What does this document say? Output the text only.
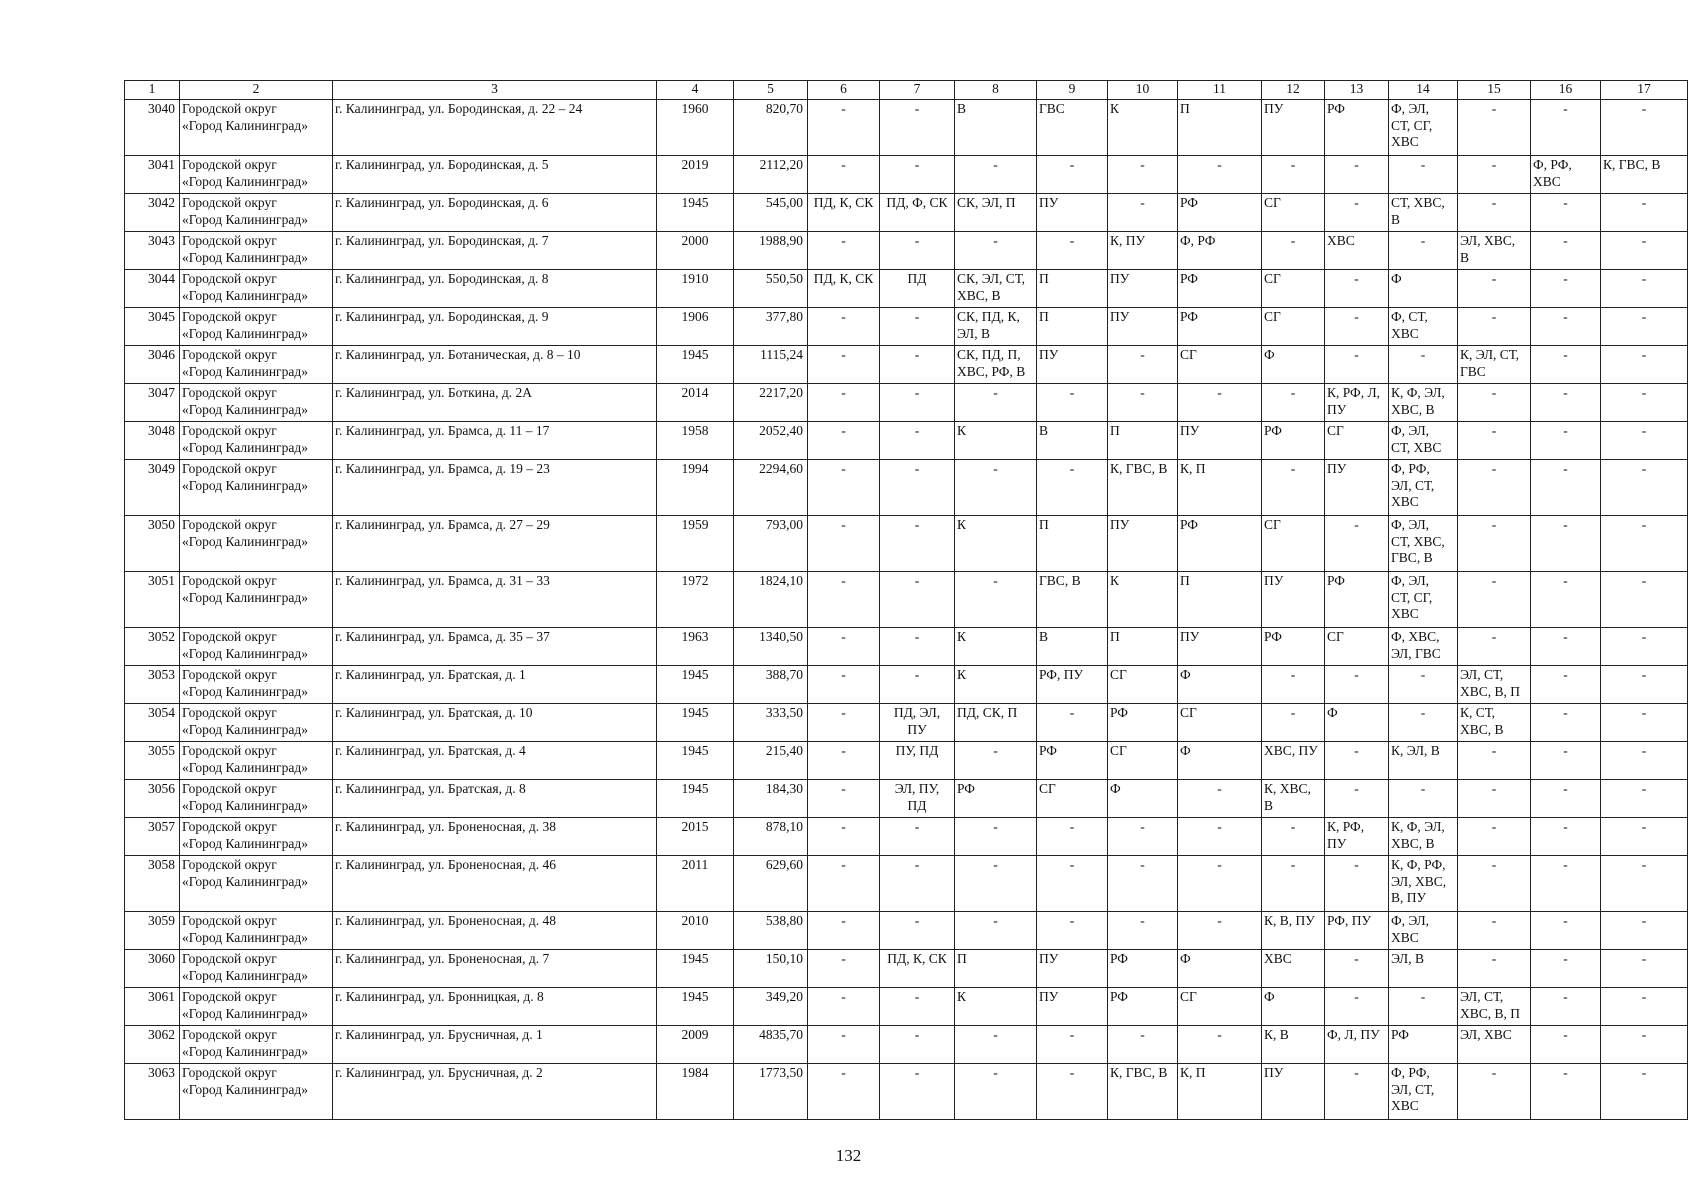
1	2	3	4	5	6	7	8	9	10	11	12	13	14	15	16	17
3040	Городской округ
«Город Калининград»	г. Калининград, ул. Бородинская, д. 22 – 24	1960	820,70	-	-	В	ГВС	К	П	ПУ	РФ	Ф, ЭЛ,
СТ, СГ,
ХВС	-	-	-
3041	Городской округ
«Город Калининград»	г. Калининград, ул. Бородинская, д. 5	2019	2112,20	-	-	-	-	-	-	-	-	-	-	Ф, РФ,
ХВС	К, ГВС, В
3042	Городской округ
«Город Калининград»	г. Калининград, ул. Бородинская, д. 6	1945	545,00	ПД, К, СК	ПД, Ф, СК	СК, ЭЛ, П	ПУ	-	РФ	СГ	-	СТ, ХВС,
В	-	-	-
3043	Городской округ
«Город Калининград»	г. Калининград, ул. Бородинская, д. 7	2000	1988,90	-	-	-	-	К, ПУ	Ф, РФ	-	ХВС	-	ЭЛ, ХВС,
В	-	-
3044	Городской округ
«Город Калининград»	г. Калининград, ул. Бородинская, д. 8	1910	550,50	ПД, К, СК	ПД	СК, ЭЛ, СТ,
ХВС, В	П	ПУ	РФ	СГ	-	Ф	-	-	-
3045	Городской округ
«Город Калининград»	г. Калининград, ул. Бородинская, д. 9	1906	377,80	-	-	СК, ПД, К,
ЭЛ, В	П	ПУ	РФ	СГ	-	Ф, СТ,
ХВС	-	-	-
3046	Городской округ
«Город Калининград»	г. Калининград, ул. Ботаническая, д. 8 – 10	1945	1115,24	-	-	СК, ПД, П,
ХВС, РФ, В	ПУ	-	СГ	Ф	-	-	К, ЭЛ, СТ,
ГВС	-	-
3047	Городской округ
«Город Калининград»	г. Калининград, ул. Боткина, д. 2А	2014	2217,20	-	-	-	-	-	-	-	К, РФ, Л,
ПУ	К, Ф, ЭЛ,
ХВС, В	-	-	-
3048	Городской округ
«Город Калининград»	г. Калининград, ул. Брамса, д. 11 – 17	1958	2052,40	-	-	К	В	П	ПУ	РФ	СГ	Ф, ЭЛ,
СТ, ХВС	-	-	-
3049	Городской округ
«Город Калининград»	г. Калининград, ул. Брамса, д. 19 – 23	1994	2294,60	-	-	-	-	К, ГВС, В	К, П	-	ПУ	Ф, РФ,
ЭЛ, СТ,
ХВС	-	-	-
3050	Городской округ
«Город Калининград»	г. Калининград, ул. Брамса, д. 27 – 29	1959	793,00	-	-	К	П	ПУ	РФ	СГ	-	Ф, ЭЛ,
СТ, ХВС,
ГВС, В	-	-	-
3051	Городской округ
«Город Калининград»	г. Калининград, ул. Брамса, д. 31 – 33	1972	1824,10	-	-	-	ГВС, В	К	П	ПУ	РФ	Ф, ЭЛ,
СТ, СГ,
ХВС	-	-	-
3052	Городской округ
«Город Калининград»	г. Калининград, ул. Брамса, д. 35 – 37	1963	1340,50	-	-	К	В	П	ПУ	РФ	СГ	Ф, ХВС,
ЭЛ, ГВС	-	-	-
3053	Городской округ
«Город Калининград»	г. Калининград, ул. Братская, д. 1	1945	388,70	-	-	К	РФ, ПУ	СГ	Ф	-	-	-	ЭЛ, СТ,
ХВС, В, П	-	-
3054	Городской округ
«Город Калининград»	г. Калининград, ул. Братская, д. 10	1945	333,50	-	ПД, ЭЛ,
ПУ	ПД, СК, П	-	РФ	СГ	-	Ф	-	К, СТ,
ХВС, В	-	-
3055	Городской округ
«Город Калининград»	г. Калининград, ул. Братская, д. 4	1945	215,40	-	ПУ, ПД	-	РФ	СГ	Ф	ХВС, ПУ	-	К, ЭЛ, В	-	-	-
3056	Городской округ
«Город Калининград»	г. Калининград, ул. Братская, д. 8	1945	184,30	-	ЭЛ, ПУ,
ПД	РФ	СГ	Ф	-	К, ХВС,
В	-	-	-	-	-
3057	Городской округ
«Город Калининград»	г. Калининград, ул. Броненосная, д. 38	2015	878,10	-	-	-	-	-	-	-	К, РФ,
ПУ	К, Ф, ЭЛ,
ХВС, В	-	-	-
3058	Городской округ
«Город Калининград»	г. Калининград, ул. Броненосная, д. 46	2011	629,60	-	-	-	-	-	-	-	-	К, Ф, РФ,
ЭЛ, ХВС,
В, ПУ	-	-	-
3059	Городской округ
«Город Калининград»	г. Калининград, ул. Броненосная, д. 48	2010	538,80	-	-	-	-	-	-	К, В, ПУ	РФ, ПУ	Ф, ЭЛ,
ХВС	-	-	-
3060	Городской округ
«Город Калининград»	г. Калининград, ул. Броненосная, д. 7	1945	150,10	-	ПД, К, СК	П	ПУ	РФ	Ф	ХВС	-	ЭЛ, В	-	-	-
3061	Городской округ
«Город Калининград»	г. Калининград, ул. Бронницкая, д. 8	1945	349,20	-	-	К	ПУ	РФ	СГ	Ф	-	-	ЭЛ, СТ,
ХВС, В, П	-	-
3062	Городской округ
«Город Калининград»	г. Калининград, ул. Брусничная, д. 1	2009	4835,70	-	-	-	-	-	-	К, В	Ф, Л, ПУ	РФ	ЭЛ, ХВС	-	-
3063	Городской округ
«Город Калининград»	г. Калининград, ул. Брусничная, д. 2	1984	1773,50	-	-	-	-	К, ГВС, В	К, П	ПУ	-	Ф, РФ,
ЭЛ, СТ,
ХВС	-	-	-
132
